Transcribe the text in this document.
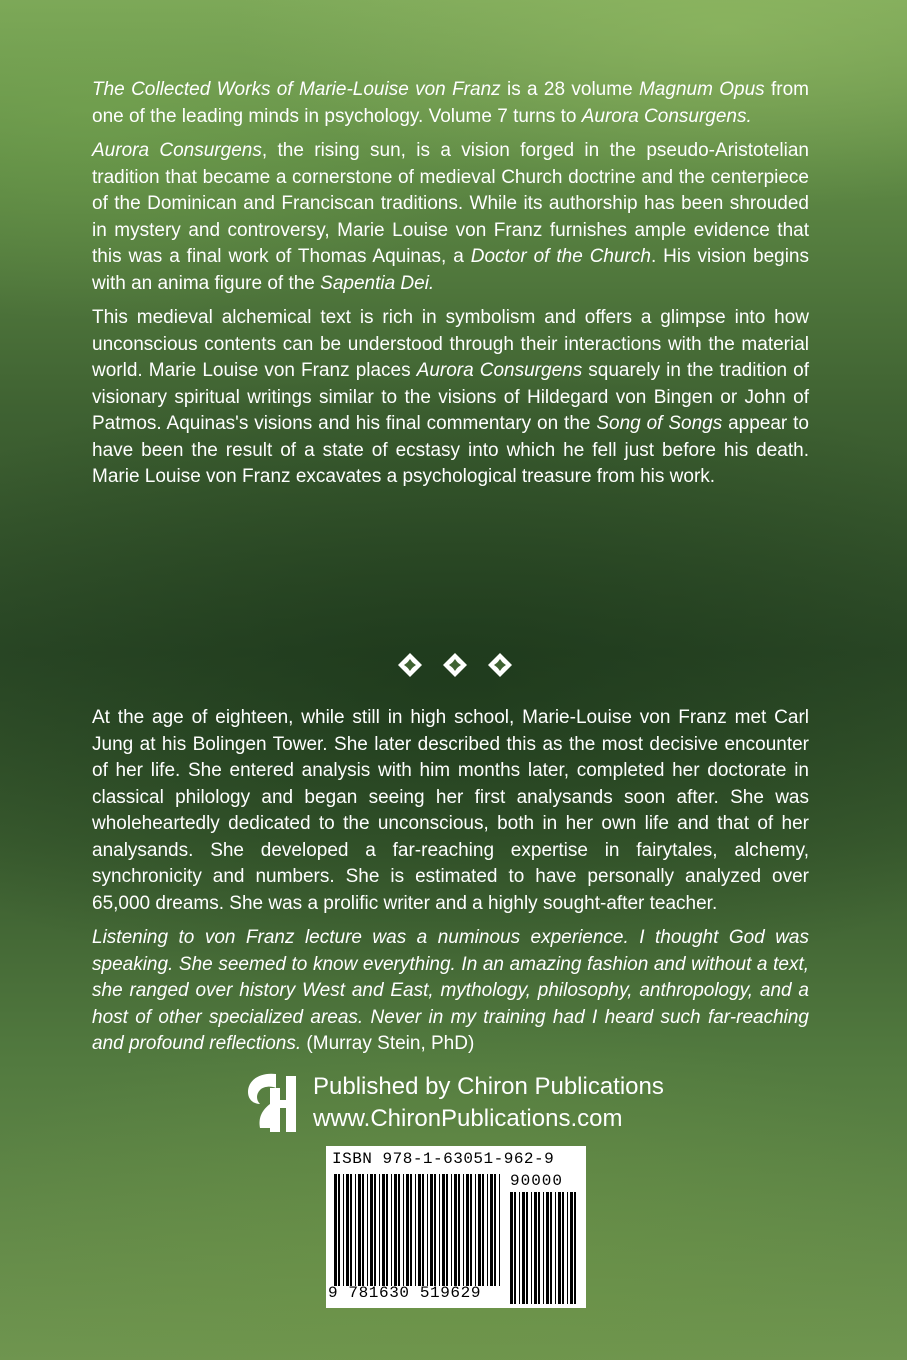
The Collected Works of Marie-Louise von Franz is a 28 volume Magnum Opus from one of the leading minds in psychology. Volume 7 turns to Aurora Consurgens.

Aurora Consurgens, the rising sun, is a vision forged in the pseudo-Aristotelian tradition that became a cornerstone of medieval Church doctrine and the centerpiece of the Dominican and Franciscan traditions. While its authorship has been shrouded in mystery and controversy, Marie Louise von Franz furnishes ample evidence that this was a final work of Thomas Aquinas, a Doctor of the Church. His vision begins with an anima figure of the Sapentia Dei.

This medieval alchemical text is rich in symbolism and offers a glimpse into how unconscious contents can be understood through their interactions with the material world. Marie Louise von Franz places Aurora Consurgens squarely in the tradition of visionary spiritual writings similar to the visions of Hildegard von Bingen or John of Patmos. Aquinas's visions and his final commentary on the Song of Songs appear to have been the result of a state of ecstasy into which he fell just before his death. Marie Louise von Franz excavates a psychological treasure from his work.

At the age of eighteen, while still in high school, Marie-Louise von Franz met Carl Jung at his Bolingen Tower. She later described this as the most decisive encounter of her life. She entered analysis with him months later, completed her doctorate in classical philology and began seeing her first analysands soon after. She was wholeheartedly dedicated to the unconscious, both in her own life and that of her analysands. She developed a far-reaching expertise in fairytales, alchemy, synchronicity and numbers. She is estimated to have personally analyzed over 65,000 dreams. She was a prolific writer and a highly sought-after teacher.

Listening to von Franz lecture was a numinous experience. I thought God was speaking. She seemed to know everything. In an amazing fashion and without a text, she ranged over history West and East, mythology, philosophy, anthropology, and a host of other specialized areas. Never in my training had I heard such far-reaching and profound reflections. (Murray Stein, PhD)

Published by Chiron Publications
www.ChironPublications.com
ISBN 978-1-63051-962-9
90000
9 781630 519629
